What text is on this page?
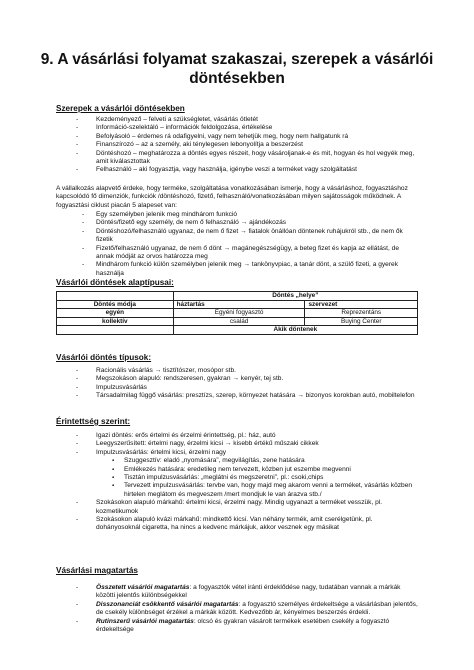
9. A vásárlási folyamat szakaszai, szerepek a vásárlói döntésekben

Szerepek a vásárlói döntésekben

- Kezdeményező – felveti a szükségletet, vásárlás ötletét
- Információ-szelektáló – információk feldolgozása, értékelése
- Befolyásoló – érdemes rá odafigyelni, vagy nem tehetjük meg, hogy nem hallgatunk rá
- Finanszírozó – az a személy, aki ténylegesen lebonyolítja a beszerzést
- Döntéshozó – meghatározza a döntés egyes részeit, hogy vásároljanak-e és mit, hogyan és hol vegyék meg, amit kiválasztottak
- Felhasználó – aki fogyasztja, vagy használja, igénybe veszi a terméket vagy szolgáltatást

A vállalkozás alapvető érdeke, hogy terméke, szolgáltatása vonatkozásában ismerje, hogy a vásárláshoz, fogyasztáshoz kapcsolódó fő dimenziók, funkciók /döntéshozó, fizető, felhasználó/vonatkozásában milyen sajátosságok működnek. A fogyasztási ciklust piacán 5 alapeset van:

- Egy személyben jelenik meg mindhárom funkció
- Döntés/fizető egy személy, de nem ő felhasználó → ajándékozás
- Döntéshozó/felhasználó ugyanaz, de nem ő fizet → fiatalok önállóan döntenek ruhájukról stb., de nem ők fizetik
- Fizető/felhasználó ugyanaz, de nem ő dönt → magánegészségügy, a beteg fizet és kapja az ellátást, de annak módját az orvos határozza meg
- Mindhárom funkció külön személyben jelenik meg → tankönyvpiac, a tanár dönt, a szülő fizeti, a gyerek használja

Vásárlói döntések alaptípusai:

	Döntés „helye”	
Döntés módja	háztartás	szervezet
egyén	Egyéni fogyasztó	Reprezentáns
kollektív	család	Buying Center
	Akik döntenek	

Vásárlói döntés típusok:

- Racionális vásárlás → tisztítószer, mosópor stb.
- Megszokáson alapuló: rendszeresen, gyakran → kenyér, tej stb.
- Impulzusvásárlás
- Társadalmilag függő vásárlás: presztízs, szerep, környezet hatására → bizonyos korokban autó, mobiltelefon

Érintettség szerint:

- Igazi döntés: erős értelmi és érzelmi érintettség, pl.: ház, autó
- Leegyszerűsített: értelmi nagy, érzelmi kicsi → kisebb értékű műszaki cikkek
- Impulzusvásárlás: értelmi kicsi, érzelmi nagy
▪ Szuggesztív: eladó „nyomására”, megvilágítás, zene hatására
▪ Emlékezés hatására: eredetileg nem tervezett, közben jut eszembe megvenni
▪ Tisztán impulzusvásárlás: „meglátni és megszeretni”, pl.: csoki,chips
▪ Tervezett impulzusvásárlás: tervbe van, hogy majd meg akarom venni a terméket, vásárlás közben hirtelen meglátom és megveszem /mert mondjuk le van árazva stb./
- Szokásokon alapuló márkahű: értelmi kicsi, érzelmi nagy. Mindig ugyanazt a terméket vesszük, pl. kozmetikumok
- Szokásokon alapuló kvázi márkahű: mindkettő kicsi. Van néhány termék, amit cserélgetünk, pl. dohányosoknál cigaretta, ha nincs a kedvenc márkájuk, akkor vesznek egy másikat

Vásárlási magatartás

- Összetett vásárlói magatartás: a fogyasztók vétel iránti érdeklődése nagy, tudatában vannak a márkák közötti jelentős különbségekkel
- Disszonanciát csökkentő vásárlói magatartás: a fogyasztó személyes érdekeltsége a vásárlásban jelentős, de csekély különbséget érzékel a márkák között. Kedvezőbb ár, kényelmes beszerzés érdekli.
- Rutinszerű vásárlói magatartás: olcsó és gyakran vásárolt termékek esetében csekély a fogyasztó érdekeltsége
